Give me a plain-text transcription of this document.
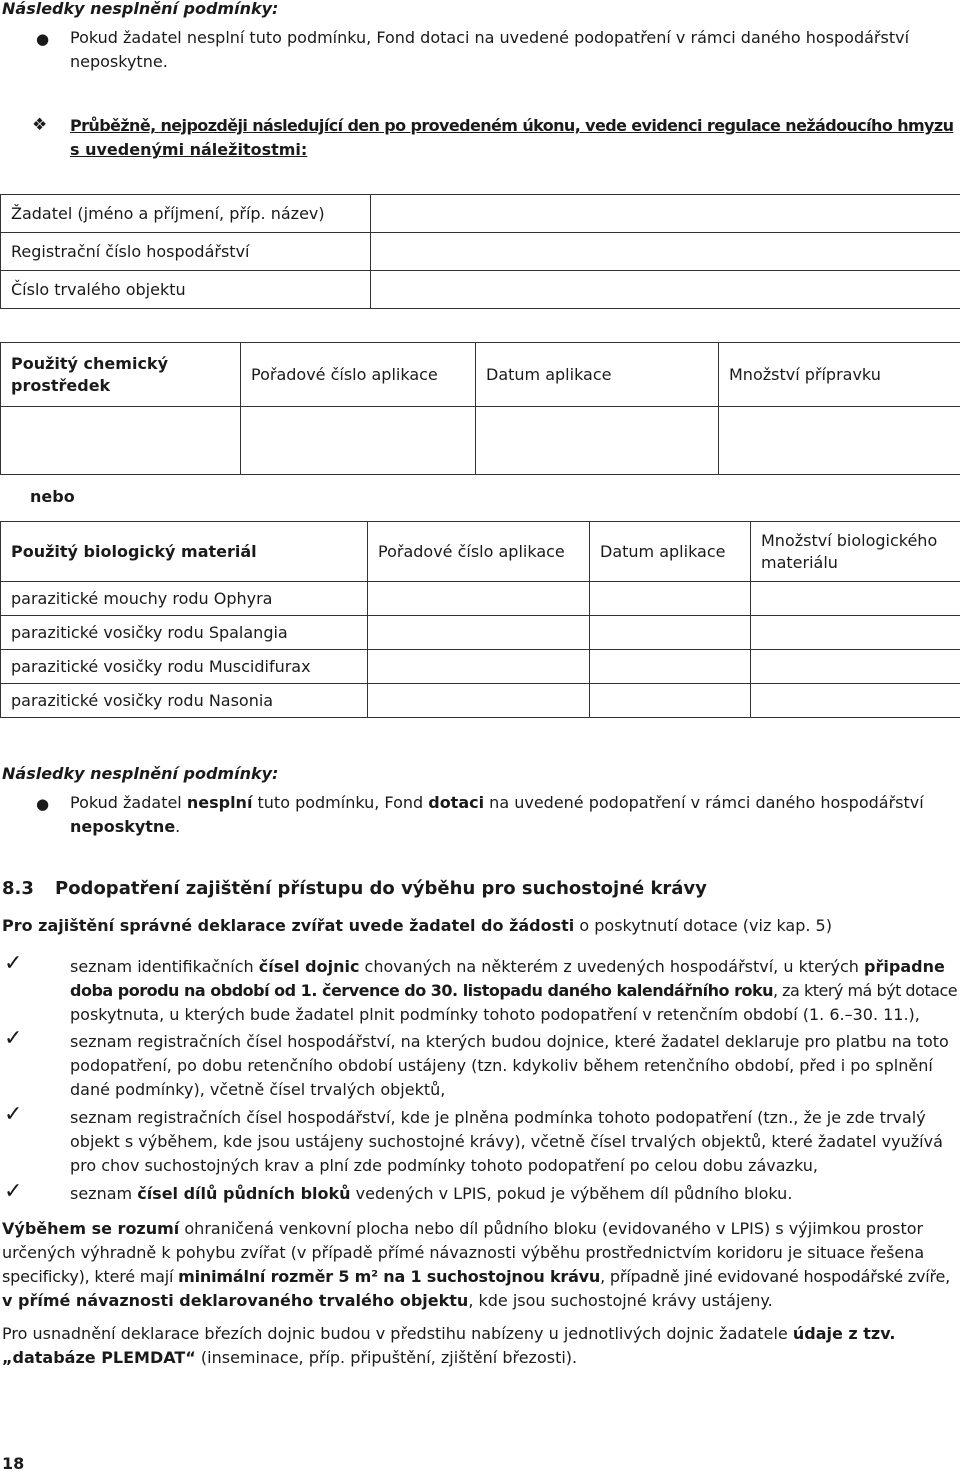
Následky nesplnění podmínky:
● Pokud žadatel nesplní tuto podmínku, Fond dotaci na uvedené podopatření v rámci daného hospodářství
neposkytne.
❖ Průběžně, nejpozději následující den po provedeném úkonu, vede evidenci regulace nežádoucího hmyzu
s uvedenými náležitostmi:
Žadatel (jméno a příjmení, příp. název)	
Registrační číslo hospodářství	
Číslo trvalého objektu	
Použitý chemický
prostředek	Pořadové číslo aplikace	Datum aplikace	Množství přípravku

nebo
Použitý biologický materiál	Pořadové číslo aplikace	Datum aplikace	Množství biologického
materiálu
parazitické mouchy rodu Ophyra			
parazitické vosičky rodu Spalangia			
parazitické vosičky rodu Muscidifurax			
parazitické vosičky rodu Nasonia			
Následky nesplnění podmínky:
● Pokud žadatel nesplní tuto podmínku, Fond dotaci na uvedené podopatření v rámci daného hospodářství
neposkytne.
8.3 Podopatření zajištění přístupu do výběhu pro suchostojné krávy
Pro zajištění správné deklarace zvířat uvede žadatel do žádosti o poskytnutí dotace (viz kap. 5)
✓	seznam identifikačních čísel dojnic chovaných na některém z uvedených hospodářství, u kterých připadne
doba porodu na období od 1. července do 30. listopadu daného kalendářního roku, za který má být dotace
poskytnuta, u kterých bude žadatel plnit podmínky tohoto podopatření v retenčním období (1. 6.–30. 11.),
✓	seznam registračních čísel hospodářství, na kterých budou dojnice, které žadatel deklaruje pro platbu na toto
podopatření, po dobu retenčního období ustájeny (tzn. kdykoliv během retenčního období, před i po splnění
dané podmínky), včetně čísel trvalých objektů,
✓	seznam registračních čísel hospodářství, kde je plněna podmínka tohoto podopatření (tzn., že je zde trvalý
objekt s výběhem, kde jsou ustájeny suchostojné krávy), včetně čísel trvalých objektů, které žadatel využívá
pro chov suchostojných krav a plní zde podmínky tohoto podopatření po celou dobu závazku,
✓	seznam čísel dílů půdních bloků vedených v LPIS, pokud je výběhem díl půdního bloku.
Výběhem se rozumí ohraničená venkovní plocha nebo díl půdního bloku (evidovaného v LPIS) s výjimkou prostor
určených výhradně k pohybu zvířat (v případě přímé návaznosti výběhu prostřednictvím koridoru je situace řešena
specificky), které mají minimální rozměr 5 m² na 1 suchostojnou krávu, případně jiné evidované hospodářské zvíře,
v přímé návaznosti deklarovaného trvalého objektu, kde jsou suchostojné krávy ustájeny.
Pro usnadnění deklarace březích dojnic budou v předstihu nabízeny u jednotlivých dojnic žadatele údaje z tzv.
„databáze PLEMDAT“ (inseminace, příp. připuštění, zjištění březosti).
18
